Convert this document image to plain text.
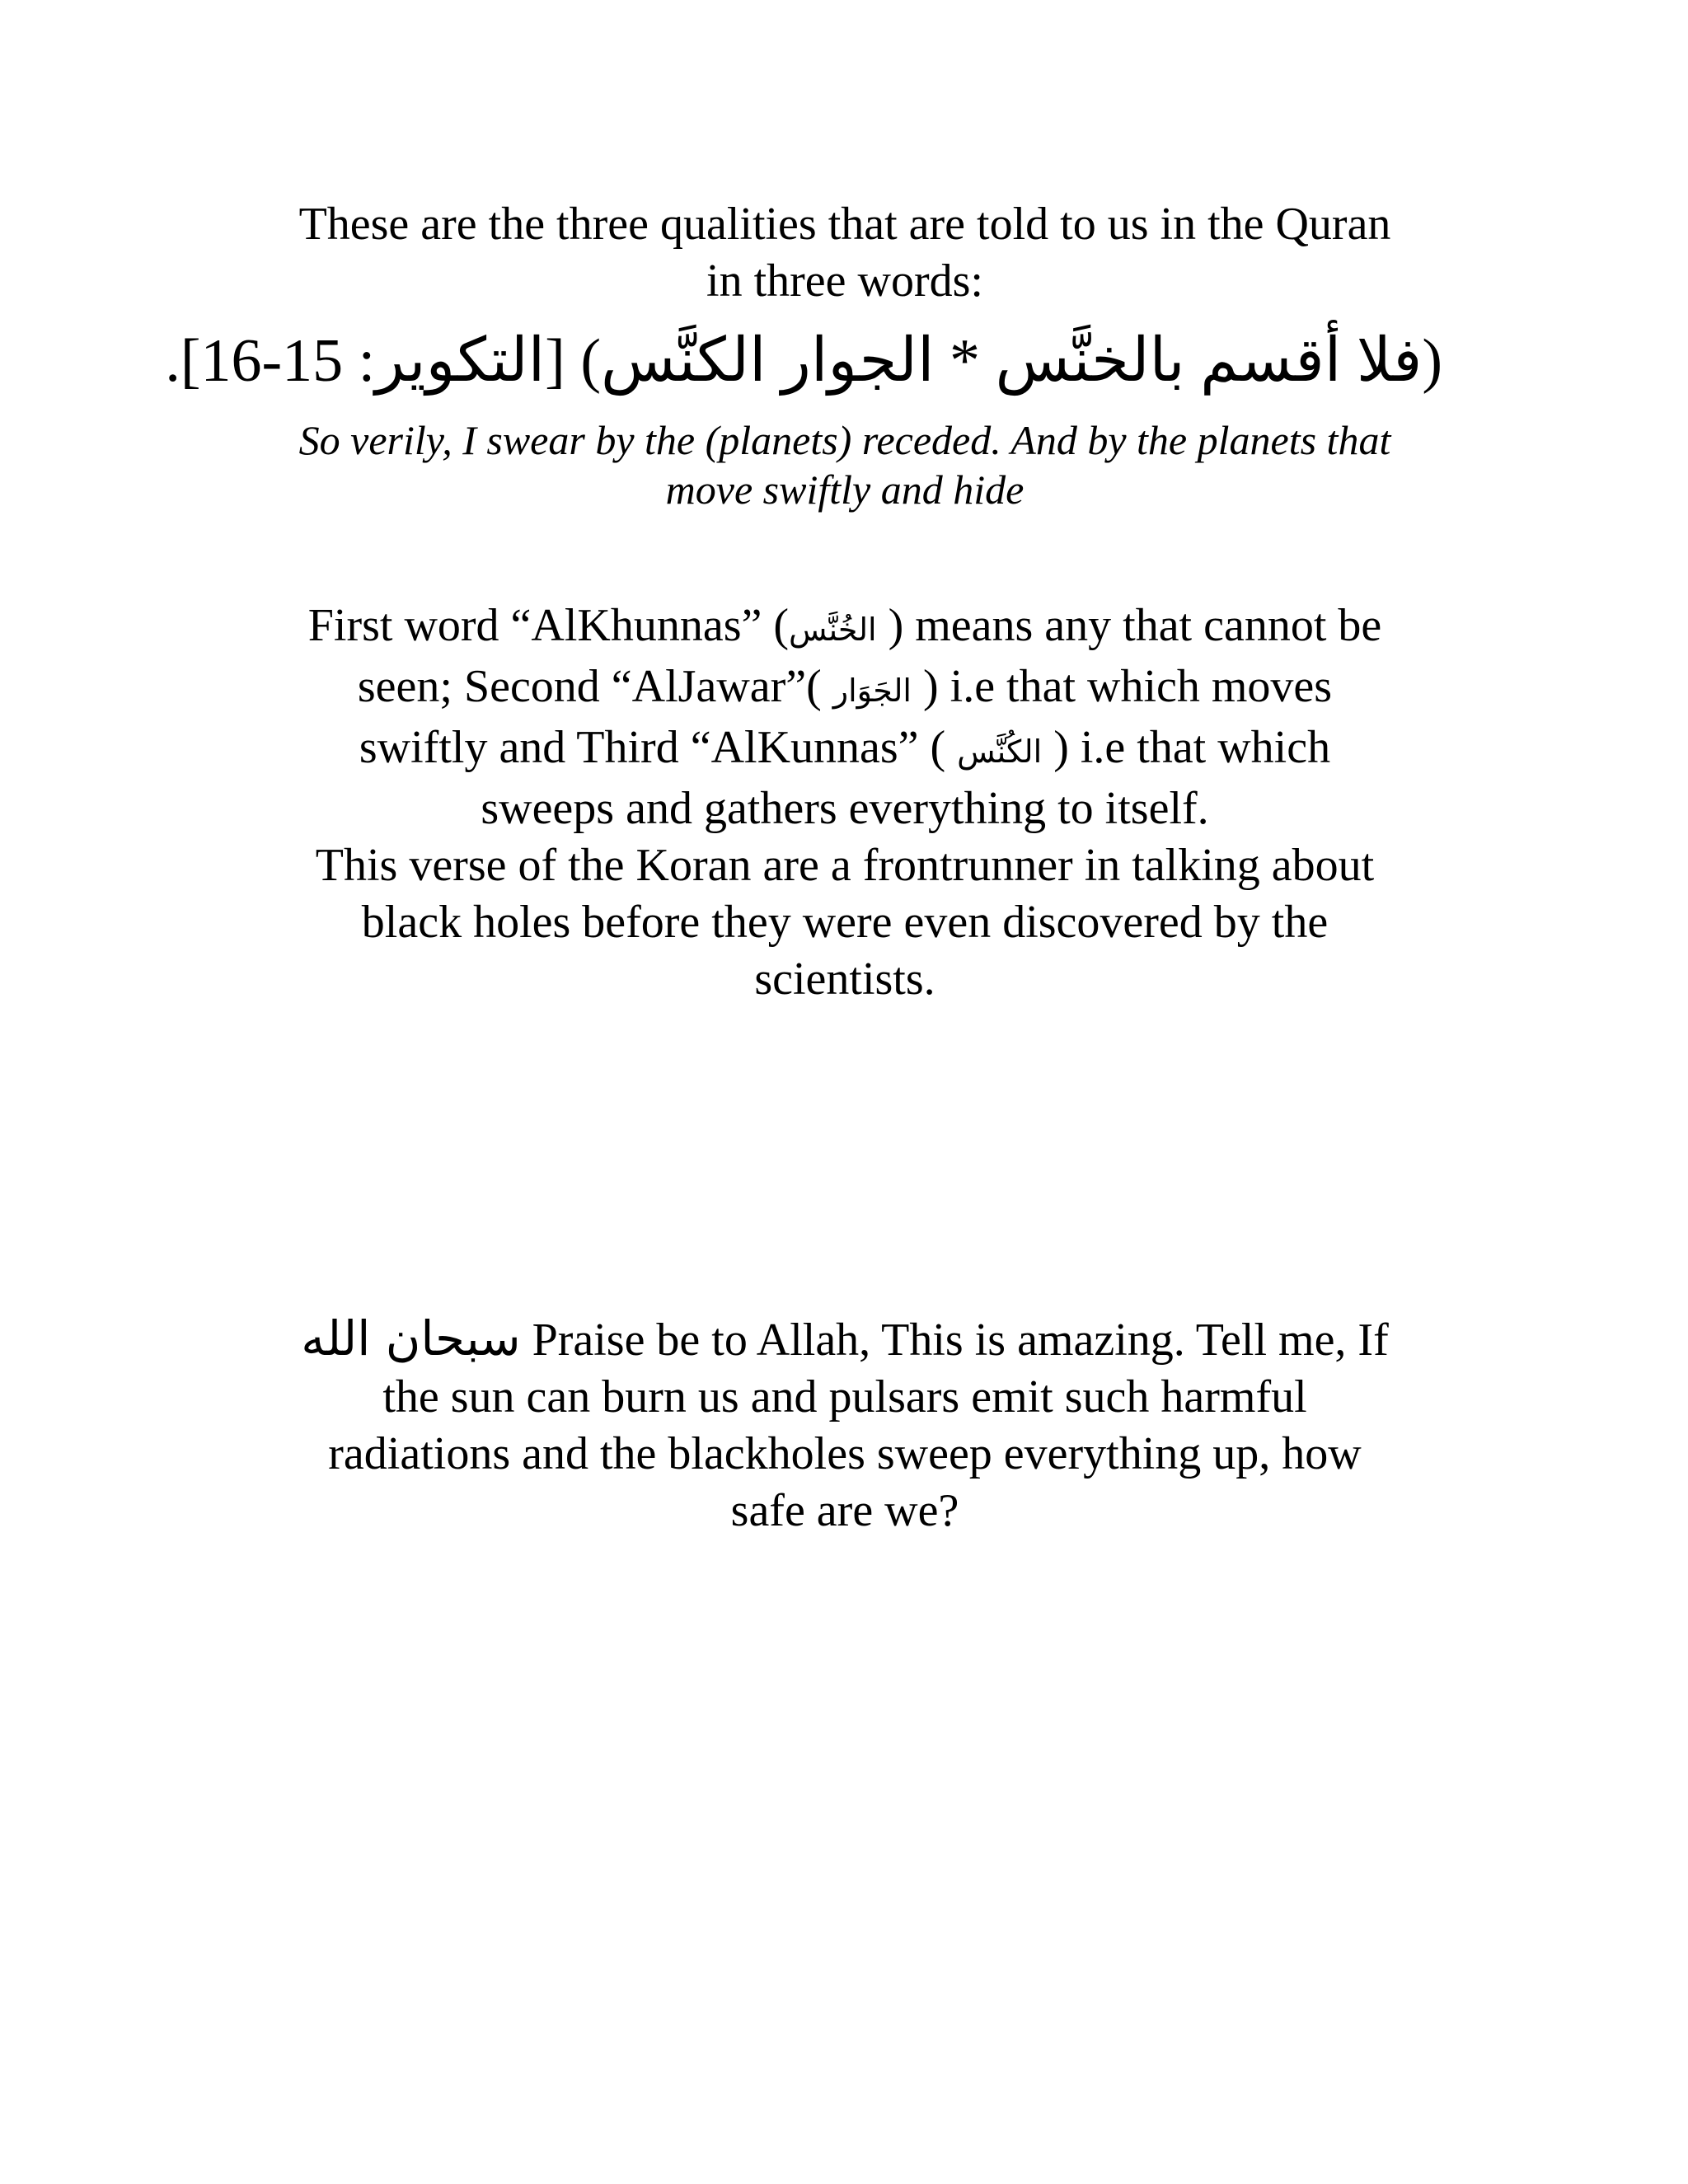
These are the three qualities that are told to us in the Quran
in three words:
(فلا أقسم بالخنَّس * الجوار الكنَّس) [التكوير: 15-16].
So verily, I swear by the (planets) receded. And by the planets that
move swiftly and hide
First word “AlKhunnas” (الخُنَّس ) means any that cannot be
seen; Second “AlJawar”( الجَوَار ) i.e that which moves
swiftly and Third “AlKunnas” ( الكُنَّس ) i.e that which
sweeps and gathers everything to itself.
This verse of the Koran are a frontrunner in talking about
black holes before they were even discovered by the
scientists.
سبحان الله Praise be to Allah, This is amazing. Tell me, If
the sun can burn us and pulsars emit such harmful
radiations and the blackholes sweep everything up, how
safe are we?
